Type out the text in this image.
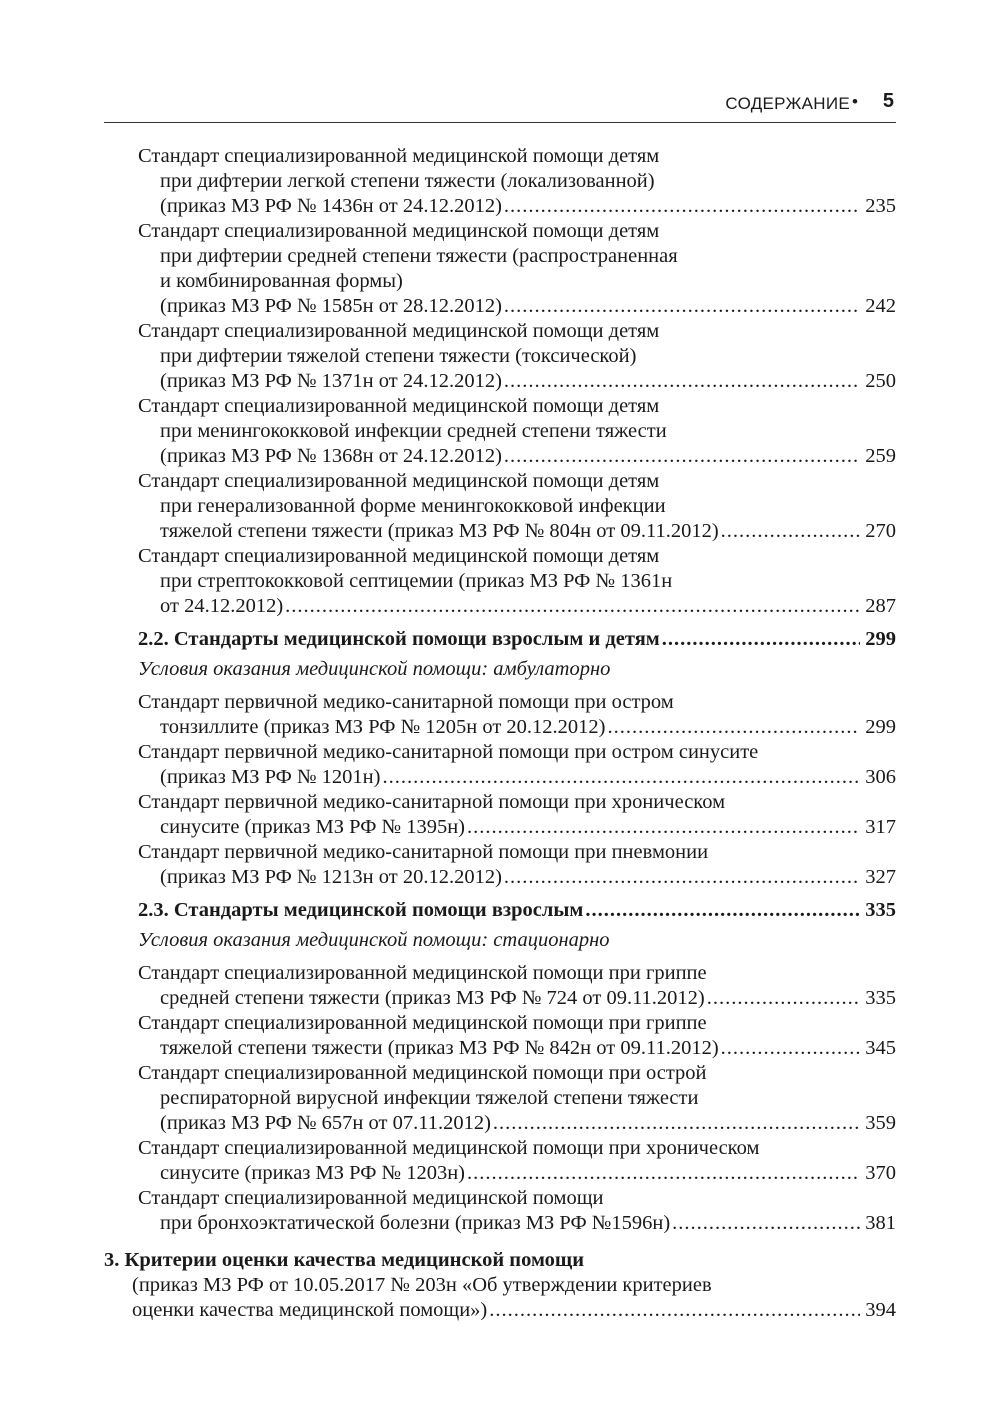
СОДЕРЖАНИЕ • 5
Стандарт специализированной медицинской помощи детям
при дифтерии легкой степени тяжести (локализованной)
(приказ МЗ РФ № 1436н от 24.12.2012) .....	235
Стандарт специализированной медицинской помощи детям
при дифтерии средней степени тяжести (распространенная
и комбинированная формы)
(приказ МЗ РФ № 1585н от 28.12.2012) .....	242
Стандарт специализированной медицинской помощи детям
при дифтерии тяжелой степени тяжести (токсической)
(приказ МЗ РФ № 1371н от 24.12.2012) .....	250
Стандарт специализированной медицинской помощи детям
при менингококковой инфекции средней степени тяжести
(приказ МЗ РФ № 1368н от 24.12.2012) .....	259
Стандарт специализированной медицинской помощи детям
при генерализованной форме менингококковой инфекции
тяжелой степени тяжести (приказ МЗ РФ № 804н от 09.11.2012) .....	270
Стандарт специализированной медицинской помощи детям
при стрептококковой септицемии (приказ МЗ РФ № 1361н
от 24.12.2012) .....	287
2.2. Стандарты медицинской помощи взрослым и детям .....	299
Условия оказания медицинской помощи: амбулаторно
Стандарт первичной медико-санитарной помощи при остром
тонзиллите (приказ МЗ РФ № 1205н от 20.12.2012) .....	299
Стандарт первичной медико-санитарной помощи при остром синусите
(приказ МЗ РФ № 1201н) .....	306
Стандарт первичной медико-санитарной помощи при хроническом
синусите (приказ МЗ РФ № 1395н) .....	317
Стандарт первичной медико-санитарной помощи при пневмонии
(приказ МЗ РФ № 1213н от 20.12.2012) .....	327
2.3. Стандарты медицинской помощи взрослым .....	335
Условия оказания медицинской помощи: стационарно
Стандарт специализированной медицинской помощи при гриппе
средней степени тяжести (приказ МЗ РФ № 724 от 09.11.2012) .....	335
Стандарт специализированной медицинской помощи при гриппе
тяжелой степени тяжести (приказ МЗ РФ № 842н от 09.11.2012) .....	345
Стандарт специализированной медицинской помощи при острой
респираторной вирусной инфекции тяжелой степени тяжести
(приказ МЗ РФ № 657н от 07.11.2012) .....	359
Стандарт специализированной медицинской помощи при хроническом
синусите (приказ МЗ РФ № 1203н) .....	370
Стандарт специализированной медицинской помощи
при бронхоэктатической болезни (приказ МЗ РФ №1596н) .....	381
3. Критерии оценки качества медицинской помощи
(приказ МЗ РФ от 10.05.2017 № 203н «Об утверждении критериев
оценки качества медицинской помощи») .....	394
